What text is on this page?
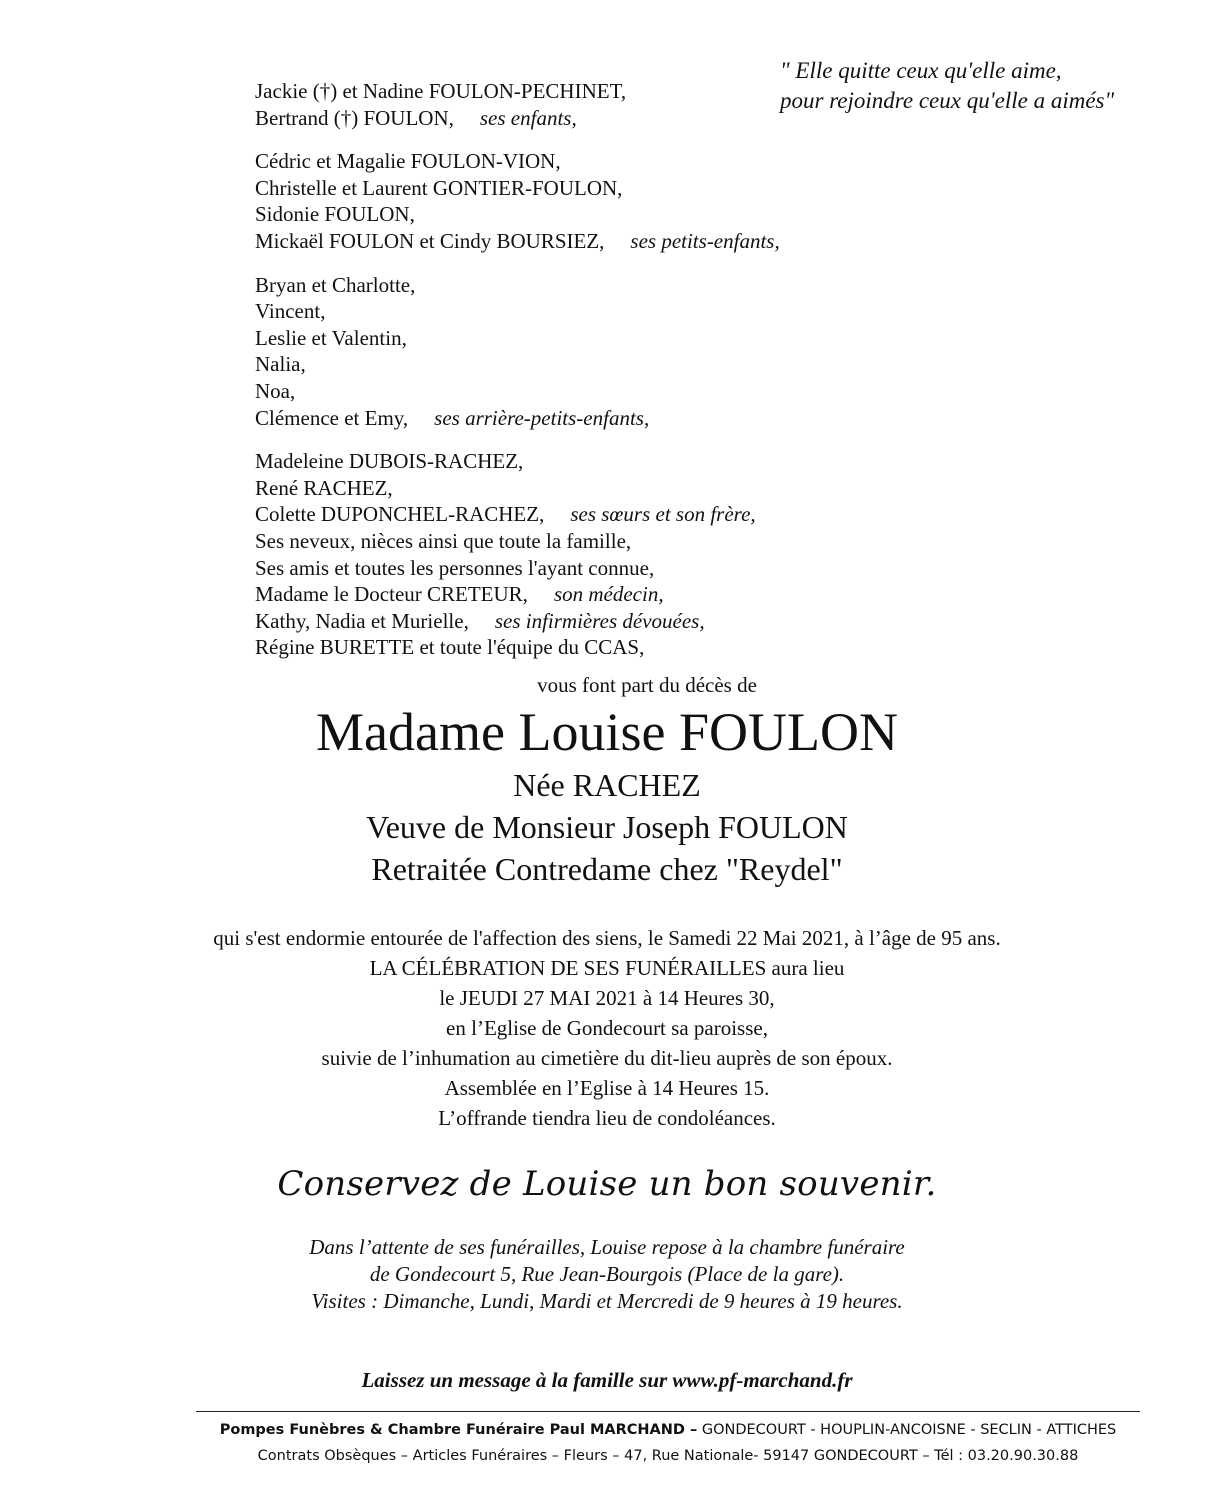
" Elle quitte ceux qu'elle aime,
pour rejoindre ceux qu'elle a aimés"
Jackie (†) et Nadine FOULON-PECHINET,
Bertrand (†) FOULON, ses enfants,
Cédric et Magalie FOULON-VION,
Christelle et Laurent GONTIER-FOULON,
Sidonie FOULON,
Mickaël FOULON et Cindy BOURSIEZ, ses petits-enfants,
Bryan et Charlotte,
Vincent,
Leslie et Valentin,
Nalia,
Noa,
Clémence et Emy, ses arrière-petits-enfants,
Madeleine DUBOIS-RACHEZ,
René RACHEZ,
Colette DUPONCHEL-RACHEZ, ses sœurs et son frère,
Ses neveux, nièces ainsi que toute la famille,
Ses amis et toutes les personnes l'ayant connue,
Madame le Docteur CRETEUR, son médecin,
Kathy, Nadia et Murielle, ses infirmières dévouées,
Régine BURETTE et toute l'équipe du CCAS,
vous font part du décès de
Madame Louise FOULON
Née RACHEZ
Veuve de Monsieur Joseph FOULON
Retraitée Contredame chez "Reydel"
qui s'est endormie entourée de l'affection des siens, le Samedi 22 Mai 2021, à l’âge de 95 ans.
LA CÉLÉBRATION DE SES FUNÉRAILLES aura lieu
le JEUDI 27 MAI 2021 à 14 Heures 30,
en l’Eglise de Gondecourt sa paroisse,
suivie de l’inhumation au cimetière du dit-lieu auprès de son époux.
Assemblée en l’Eglise à 14 Heures 15.
L’offrande tiendra lieu de condoléances.
Conservez de Louise un bon souvenir.
Dans l’attente de ses funérailles, Louise repose à la chambre funéraire
de Gondecourt 5, Rue Jean-Bourgois (Place de la gare).
Visites : Dimanche, Lundi, Mardi et Mercredi de 9 heures à 19 heures.
Laissez un message à la famille sur www.pf-marchand.fr
Pompes Funèbres & Chambre Funéraire Paul MARCHAND – GONDECOURT - HOUPLIN-ANCOISNE - SECLIN - ATTICHES
Contrats Obsèques – Articles Funéraires – Fleurs – 47, Rue Nationale- 59147 GONDECOURT – Tél : 03.20.90.30.88
